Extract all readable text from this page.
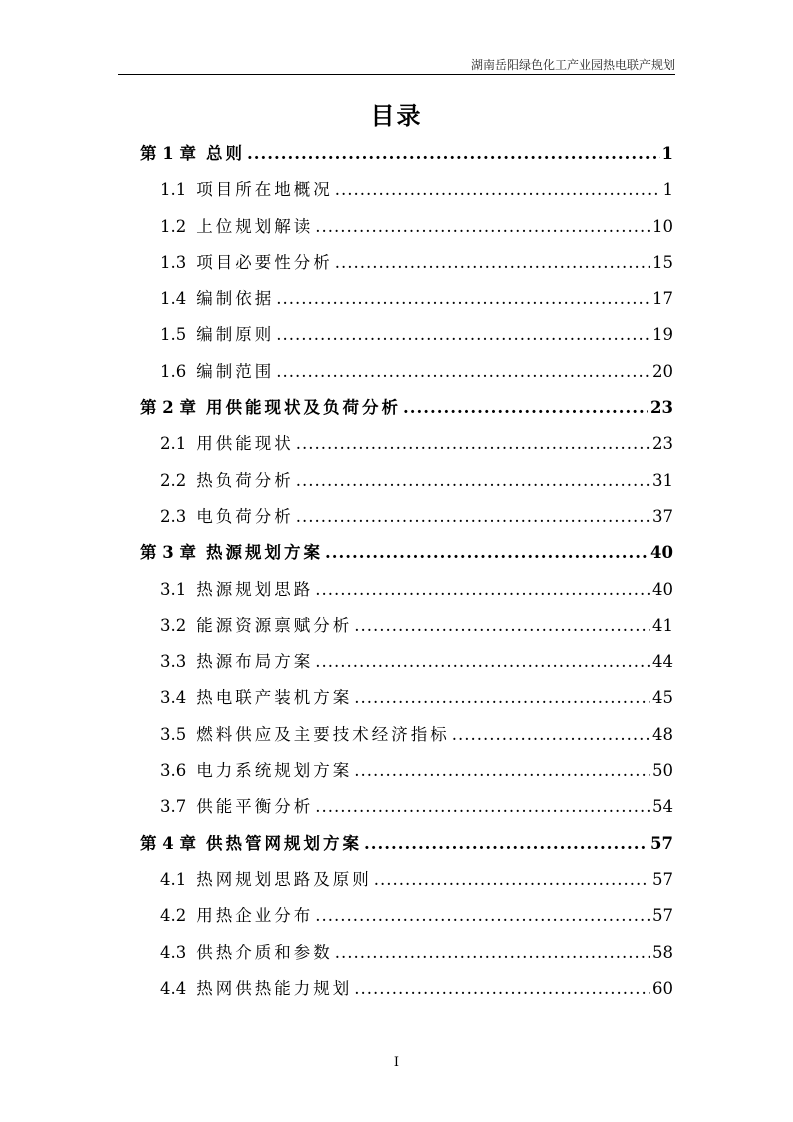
湖南岳阳绿色化工产业园热电联产规划
目录
第 1 章 总则 .....	1
1.1 项目所在地概况 .....	1
1.2 上位规划解读 .....	10
1.3 项目必要性分析 .....	15
1.4 编制依据 .....	17
1.5 编制原则 .....	19
1.6 编制范围 .....	20
第 2 章 用供能现状及负荷分析 .....	23
2.1 用供能现状 .....	23
2.2 热负荷分析 .....	31
2.3 电负荷分析 .....	37
第 3 章 热源规划方案 .....	40
3.1 热源规划思路 .....	40
3.2 能源资源禀赋分析 .....	41
3.3 热源布局方案 .....	44
3.4 热电联产装机方案 .....	45
3.5 燃料供应及主要技术经济指标 .....	48
3.6 电力系统规划方案 .....	50
3.7 供能平衡分析 .....	54
第 4 章 供热管网规划方案 .....	57
4.1 热网规划思路及原则 .....	57
4.2 用热企业分布 .....	57
4.3 供热介质和参数 .....	58
4.4 热网供热能力规划 .....	60
I
